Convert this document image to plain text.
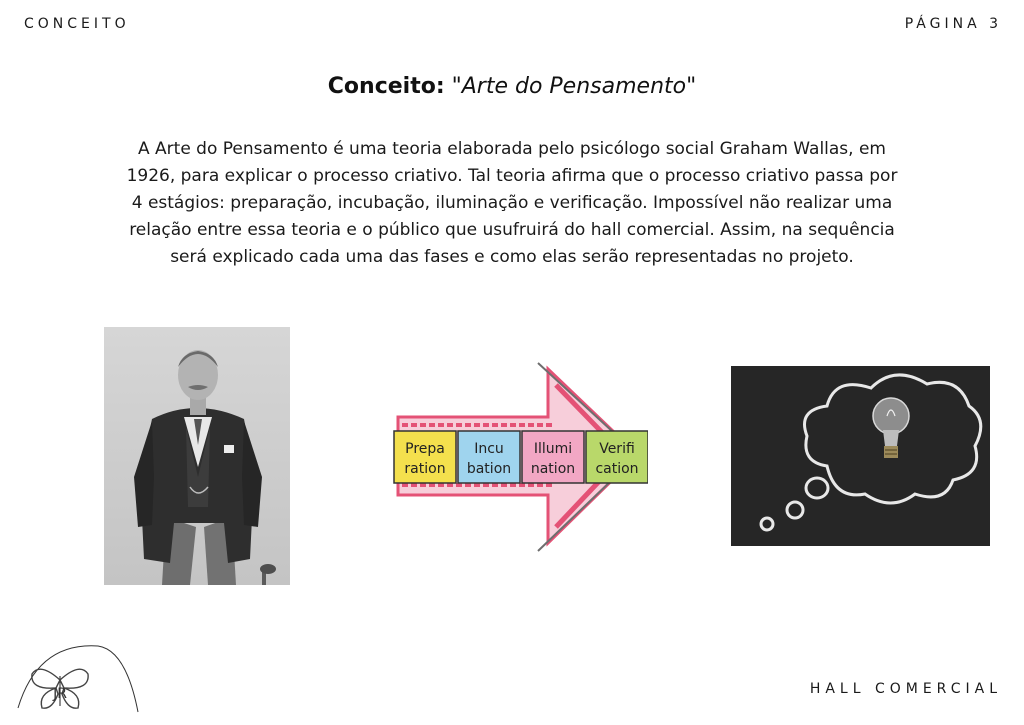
CONCEITO	PÁGINA 3
Conceito: "Arte do Pensamento"
A Arte do Pensamento é uma teoria elaborada pelo psicólogo social Graham Wallas, em
1926, para explicar o processo criativo. Tal teoria afirma que o processo criativo passa por
4 estágios: preparação, incubação, iluminação e verificação. Impossível não realizar uma
relação entre essa teoria e o público que usufruirá do hall comercial. Assim, na sequência
será explicado cada uma das fases e como elas serão representadas no projeto.
Prepa
ration
Incu
bation
Illumi
nation
Verifi
cation
JR	HALL COMERCIAL
